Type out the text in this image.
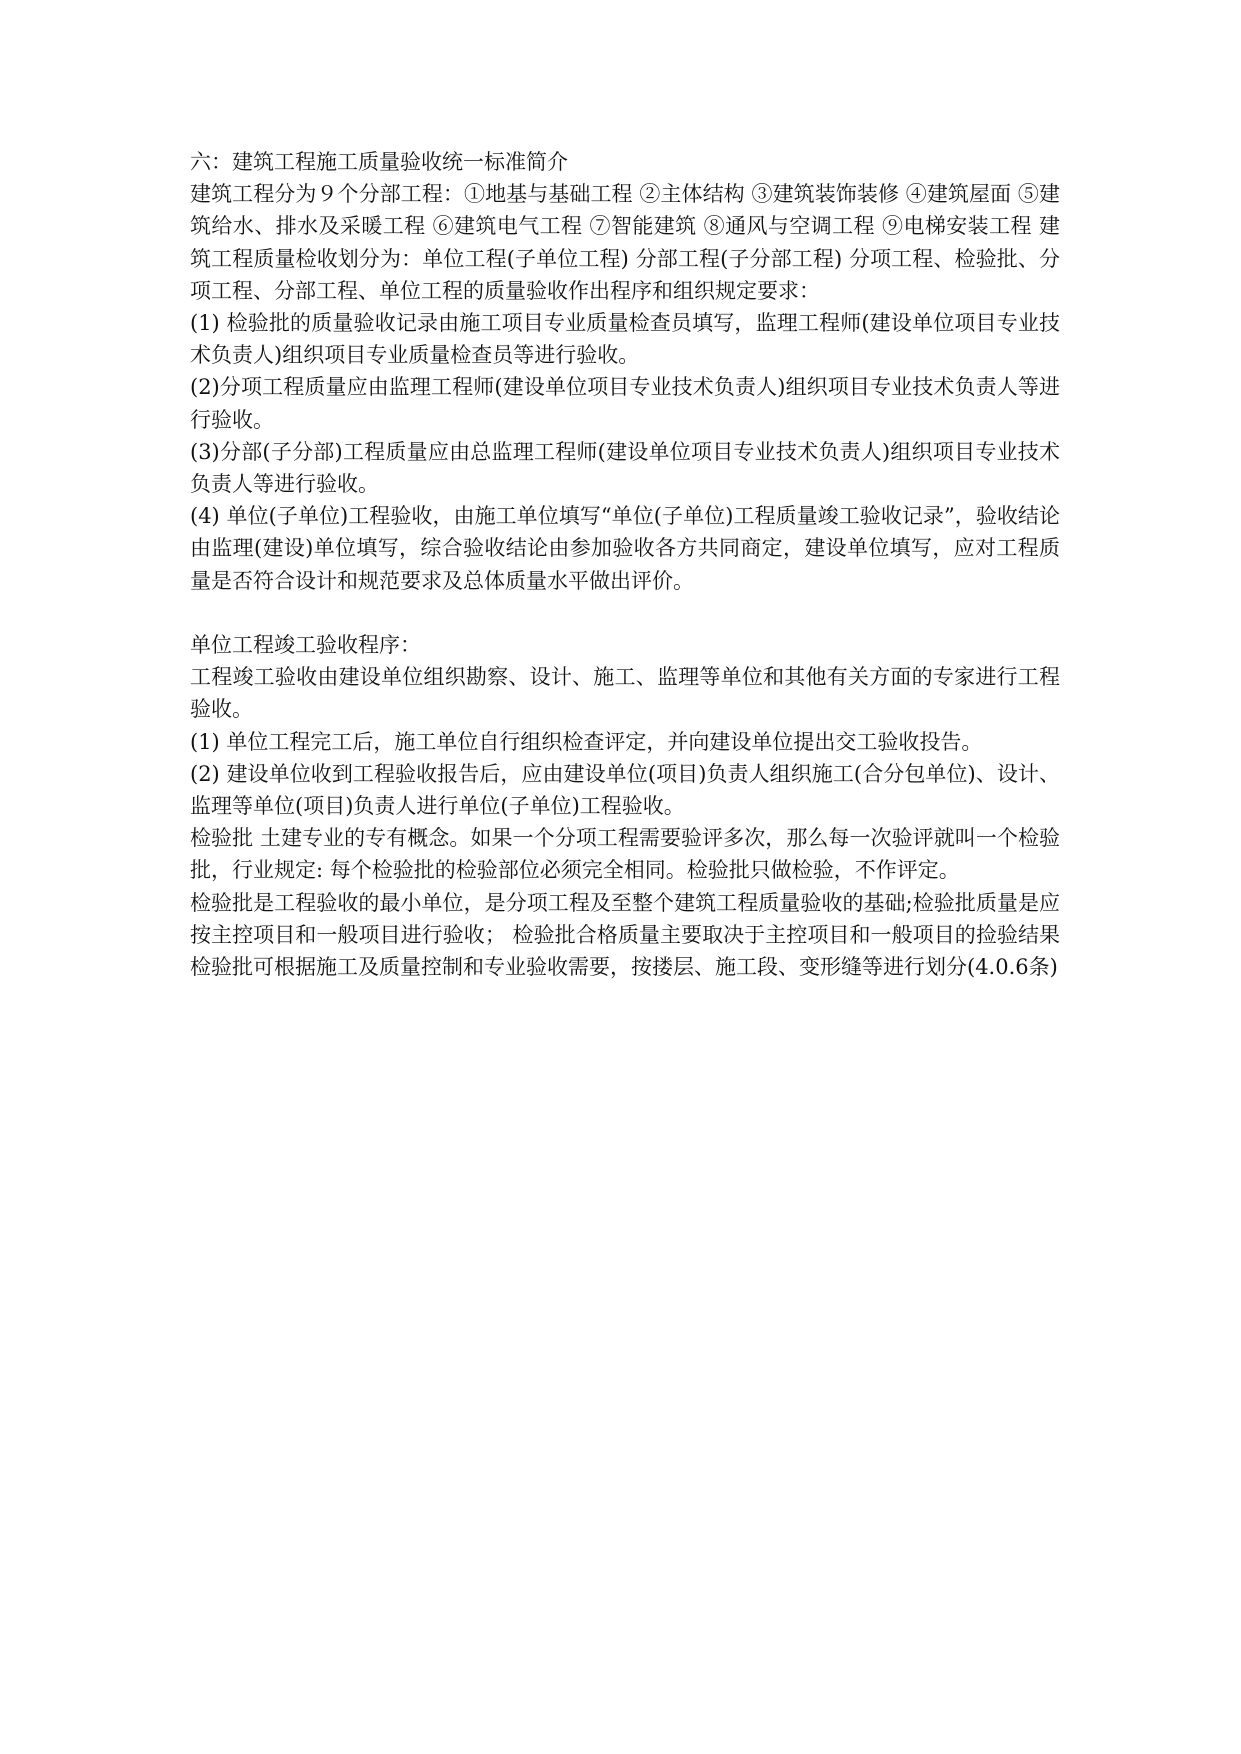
六：建筑工程施工质量验收统一标准简介

建筑工程分为９个分部工程：①地基与基础工程 ②主体结构 ③建筑装饰装修 ④建筑屋面 ⑤建筑给水、排水及采暖工程 ⑥建筑电气工程 ⑦智能建筑 ⑧通风与空调工程 ⑨电梯安装工程 建筑工程质量检收划分为：单位工程(子单位工程) 分部工程(子分部工程) 分项工程、检验批、分项工程、分部工程、单位工程的质量验收作出程序和组织规定要求：

(1) 检验批的质量验收记录由施工项目专业质量检查员填写，监理工程师(建设单位项目专业技术负责人)组织项目专业质量检查员等进行验收。

(2)分项工程质量应由监理工程师(建设单位项目专业技术负责人)组织项目专业技术负责人等进行验收。

(3)分部(子分部)工程质量应由总监理工程师(建设单位项目专业技术负责人)组织项目专业技术负责人等进行验收。

(4) 单位(子单位)工程验收，由施工单位填写“单位(子单位)工程质量竣工验收记录”，验收结论由监理(建设)单位填写，综合验收结论由参加验收各方共同商定，建设单位填写，应对工程质量是否符合设计和规范要求及总体质量水平做出评价。

单位工程竣工验收程序：

工程竣工验收由建设单位组织勘察、设计、施工、监理等单位和其他有关方面的专家进行工程验收。

(1) 单位工程完工后，施工单位自行组织检查评定，并向建设单位提出交工验收投告。

(2) 建设单位收到工程验收报告后，应由建设单位(项目)负责人组织施工(合分包单位)、设计、监理等单位(项目)负责人进行单位(子单位)工程验收。

检验批 土建专业的专有概念。如果一个分项工程需要验评多次，那么每一次验评就叫一个检验批，行业规定: 每个检验批的检验部位必须完全相同。检验批只做检验，不作评定。

检验批是工程验收的最小单位，是分项工程及至整个建筑工程质量验收的基础;检验批质量是应按主控项目和一般项目进行验收； 检验批合格质量主要取决于主控项目和一般项目的捡验结果 检验批可根据施工及质量控制和专业验收需要，按搂层、施工段、变形缝等进行划分(4.0.6条)
